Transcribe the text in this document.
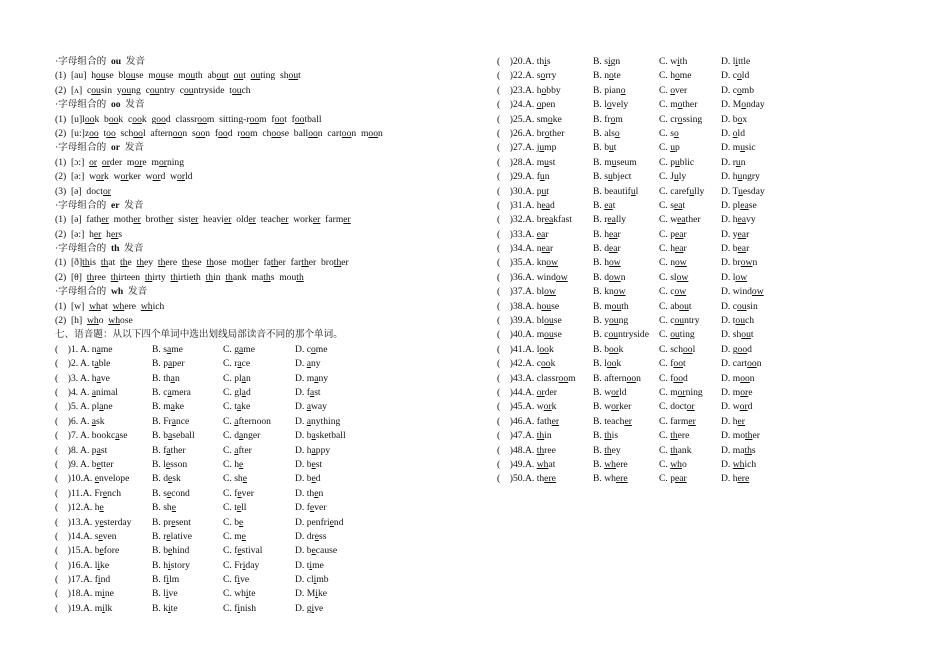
·字母组合的  ou  发音
(1)  [au]  house  blouse  mouse  mouth  about  out  outing  shout
(2)  [ʌ]  cousin  young  country  countryside  touch
·字母组合的  oo  发音
(1)  [u]look  book  cook  good  classroom  sitting-room  foot  football
(2)  [u:]zoo  too  school  afternoon  soon  food  room  choose  balloon  cartoon  moon
·字母组合的  or  发音
(1)  [ɔ:]  or order  more  morning
(2)  [ə:]  work  worker  word  world
(3)  [ə]  doctor
·字母组合的  er  发音
(1)  [ə]  father  mother  brother  sister  heavier  older  teacher  worker  farmer
(2)  [ə:]  her  hers
·字母组合的  th  发音
(1)  [ð]this  that  the  they  there  these  those  mother  father  farther  brother
(2)  [θ]  three  thirteen  thirty  thirtieth  thin  thank  maths  mouth
·字母组合的  wh  发音
(1)  [w]  what  where  which
(2)  [h]  who  whose
七、语音题：从以下四个单词中选出划线局部读音不同的那个单词。
(    )1. A. name	B. same	C. game	D. come
(    )2. A. table	B. paper	C. race	D. any
(    )3. A. have	B. than	C. plan	D. many
(    )4. A. animal	B. camera	C. glad	D. fast
(    )5. A. plane	B. make	C. take	D. away
(    )6. A. ask	B. France	C. afternoon	D. anything
(    )7. A. bookcase	B. baseball	C. danger	D. basketball
(    )8. A. past	B. father	C. after	D. happy
(    )9. A. better	B. lesson	C. he	D. best
(    )10.A. envelope B. desk	C. she	D. bed
(    )11.A. French	B. second	C. fever	D. then
(    )12.A. he	B. she	C. tell	D. fever
(    )13.A. yesterday B. present	C. be	D. penfriend
(    )14.A. seven	B. relative	C. me	D. dress
(    )15.A. before	B. behind	C. festival	D. because
(    )16.A. like	B. history	C. Friday	D. time
(    )17.A. find	B. film	C. five	D. climb
(    )18.A. mine	B. live	C. white	D. Mike
(    )19.A. milk	B. kite	C. finish	D. give
(    )20.A. this	B. sign	C. with	D. little
(    )22.A. sorry	B. note	C. home	D. cold
(    )23.A. hobby	B. piano	C. over	D. comb
(    )24.A. open	B. lovely	C. mother D. Monday
(    )25.A. smoke	B. from	C. crossing D. box
(    )26.A. brother	B. also	C. so	D. old
(    )27.A. jump	B. but	C. up	D. music
(    )28.A. must	B. museum C. public	D. run
(    )29.A. fun	B. subject	C. July	D. hungry
(    )30.A. put	B. beautiful C. carefully D. Tuesday
(    )31.A. head	B. eat	C. seat	D. please
(    )32.A. breakfast B. really	C. weather D. heavy
(    )33.A. ear	B. hear	C. pear	D. year
(    )34.A. near	B. dear	C. hear	D. bear
(    )35.A. know	B. how	C. now	D. brown
(    )36.A. window	B. down	C. slow	D. low
(    )37.A. blow	B. know	C. cow	D. window
(    )38.A. house	B. mouth	C. about	D. cousin
(    )39.A. blouse	B. young	C. country D. touch
(    )40.A. mouse	B. countryside C. outing	D. shout
(    )41.A. look	B. book	C. school	D. good
(    )42.A. cook	B. look	C. foot	D. cartoon
(    )43.A. classroom B. afternoon C. food	D. moon
(    )44.A. order	B. world	C. morning D. more
(    )45.A. work	B. worker	C. doctor	D. word
(    )46.A. father	B. teacher	C. farmer	D. her
(    )47.A. thin	B. this	C. there	D. mother
(    )48.A. three	B. they	C. thank	D. maths
(    )49.A. what	B. where	C. who	D. which
(    )50.A. there	B. where	C. pear	D. here
